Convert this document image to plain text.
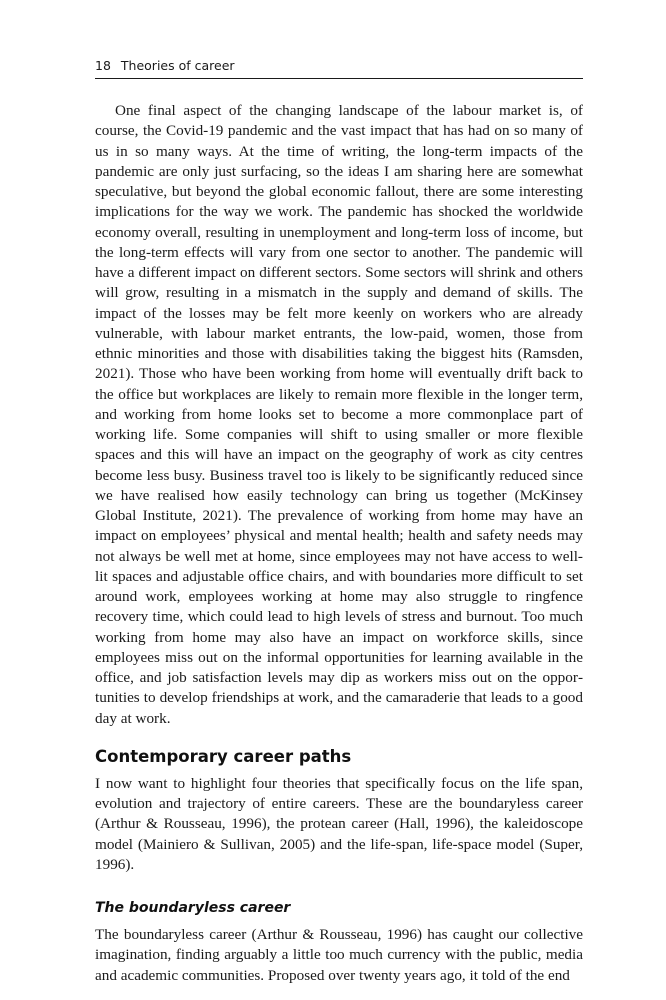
18 Theories of career

One final aspect of the changing landscape of the labour market is, of course, the Covid-19 pandemic and the vast impact that has had on so many of us in so many ways. At the time of writing, the long-term impacts of the pandemic are only just surfacing, so the ideas I am sharing here are somewhat speculative, but beyond the global economic fallout, there are some interesting implications for the way we work. The pandemic has shocked the worldwide economy overall, resulting in unemployment and long-term loss of income, but the long-term effects will vary from one sector to another. The pandemic will have a different impact on different sectors. Some sectors will shrink and others will grow, resulting in a mismatch in the supply and demand of skills. The impact of the losses may be felt more keenly on workers who are already vulnerable, with labour market entrants, the low-paid, women, those from ethnic minorities and those with disabilities taking the biggest hits (Ramsden, 2021). Those who have been working from home will eventually drift back to the office but workplaces are likely to remain more flexible in the longer term, and working from home looks set to become a more commonplace part of working life. Some companies will shift to using smaller or more flexible spaces and this will have an impact on the geography of work as city centres become less busy. Business travel too is likely to be significantly reduced since we have realised how easily technology can bring us together (McKinsey Global Institute, 2021). The prevalence of working from home may have an impact on employees’ physical and mental health; health and safety needs may not always be well met at home, since employees may not have access to well-lit spaces and adjustable office chairs, and with boundaries more difficult to set around work, employees working at home may also struggle to ringfence recovery time, which could lead to high levels of stress and burnout. Too much working from home may also have an impact on workforce skills, since employees miss out on the informal opportunities for learning available in the office, and job satisfaction levels may dip as workers miss out on the opportunities to develop friendships at work, and the camaraderie that leads to a good day at work.

Contemporary career paths

I now want to highlight four theories that specifically focus on the life span, evolution and trajectory of entire careers. These are the boundaryless career (Arthur & Rousseau, 1996), the protean career (Hall, 1996), the kaleidoscope model (Mainiero & Sullivan, 2005) and the life-span, life-space model (Super, 1996).

The boundaryless career

The boundaryless career (Arthur & Rousseau, 1996) has caught our collective imagination, finding arguably a little too much currency with the public, media and academic communities. Proposed over twenty years ago, it told of the end
